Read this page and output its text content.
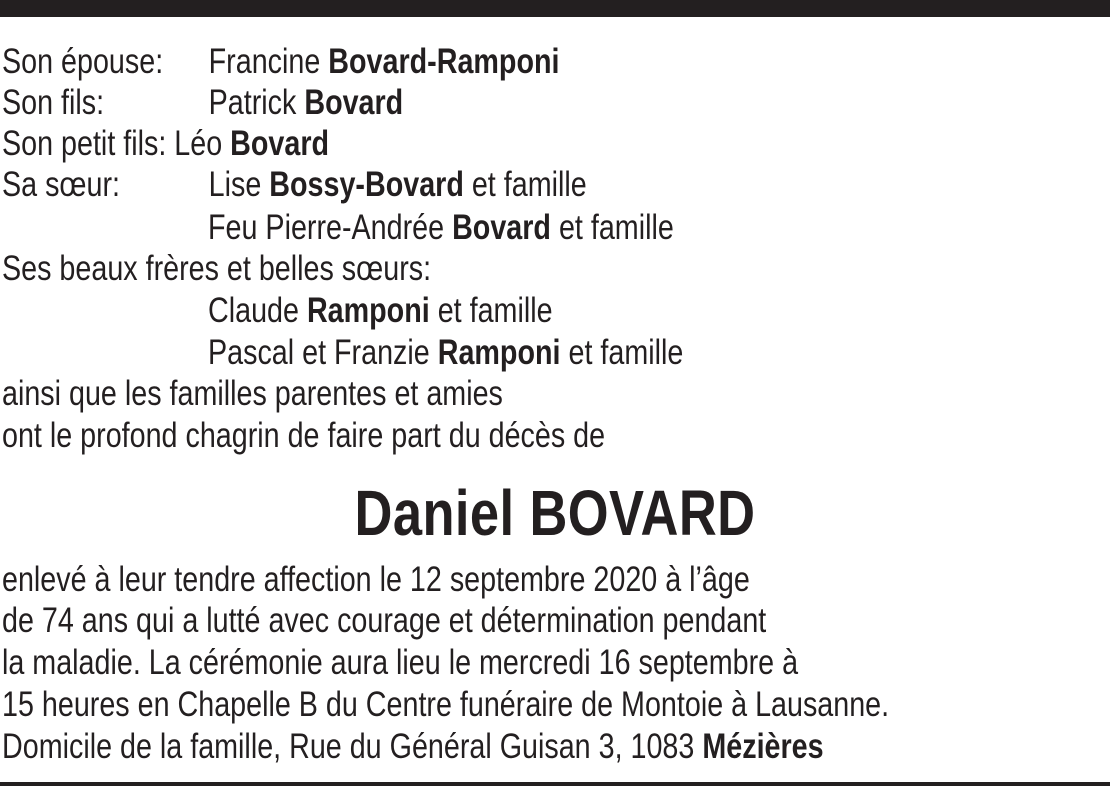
Son épouse: Francine Bovard-Ramponi
Son fils:	Patrick Bovard
Son petit fils: Léo Bovard
Sa sœur:	Lise Bossy-Bovard et famille
Feu Pierre-Andrée Bovard et famille
Ses beaux frères et belles sœurs:
Claude Ramponi et famille
Pascal et Franzie Ramponi et famille
ainsi que les familles parentes et amies
ont le profond chagrin de faire part du décès de
Daniel BOVARD
enlevé à leur tendre affection le 12 septembre 2020 à l’âge
de 74 ans qui a lutté avec courage et détermination pendant
la maladie. La cérémonie aura lieu le mercredi 16 septembre à
15 heures en Chapelle B du Centre funéraire de Montoie à Lausanne.
Domicile de la famille, Rue du Général Guisan 3, 1083 Mézières
